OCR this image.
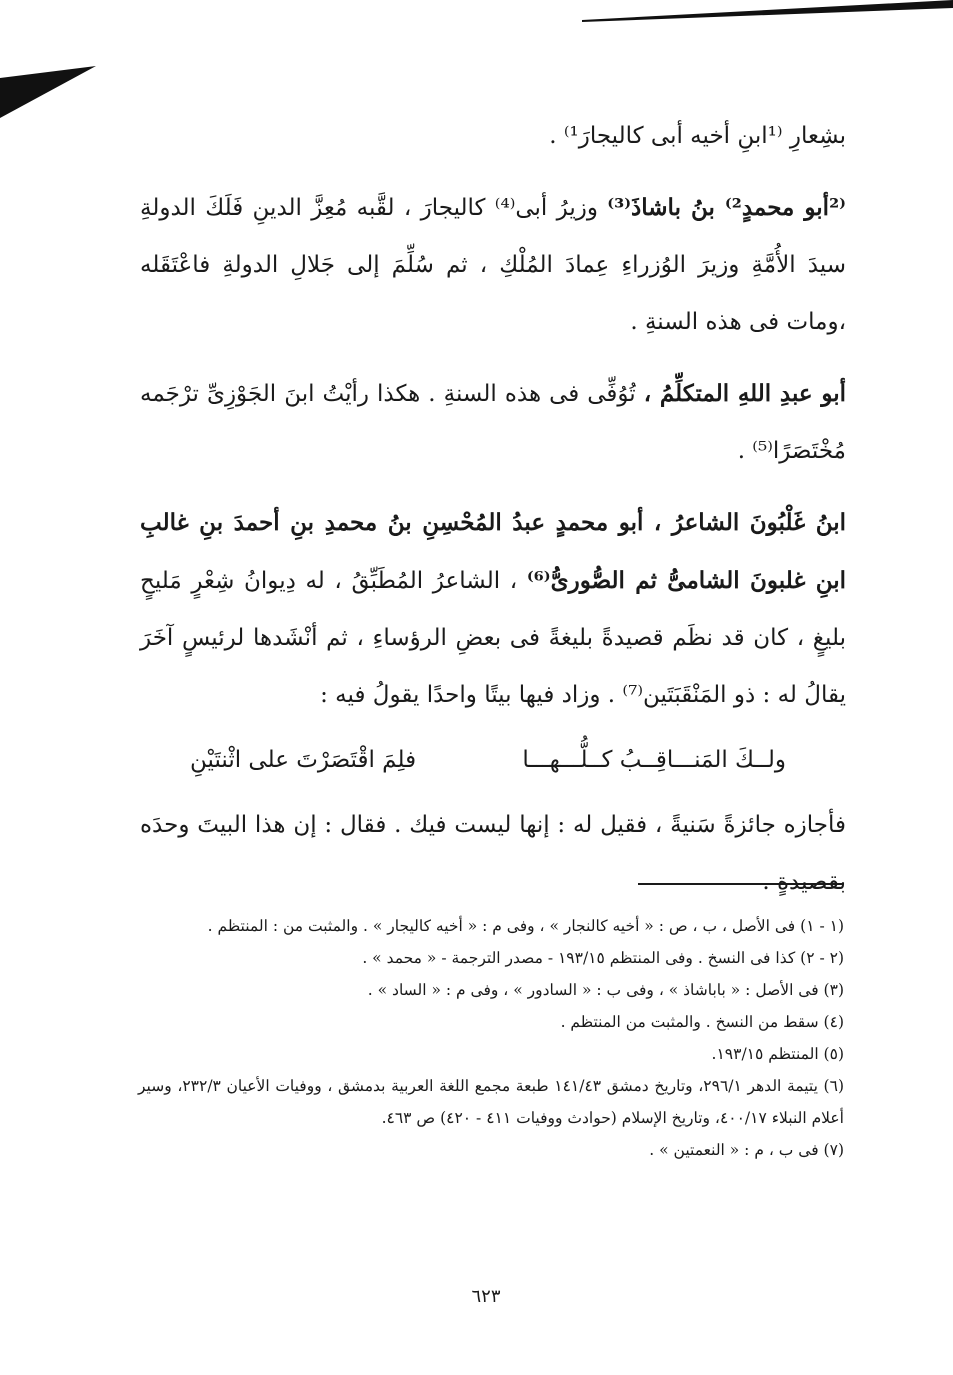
بشِعارِ ⁽¹ابنِ أخيه أبى كاليجارَ¹⁾ .

⁽²أبو محمدٍ²⁾ بنُ باشاذَ⁽³⁾ وزيرُ أبى⁽⁴⁾ كاليجارَ ، لقَّبه مُعِزَّ الدينِ فَلَكَ الدولةِ سيدَ الأُمَّةِ وزيرَ الوُزراءِ عِمادَ المُلْكِ ، ثم سُلِّمَ إلى جَلالِ الدولةِ فاعْتَقَله ،ومات فى هذه السنةِ .

أبو عبدِ اللهِ المتكلِّمُ ، تُوُفِّى فى هذه السنةِ . هكذا رأيْتُ ابنَ الجَوْزِىِّ ترْجَمه مُخْتَصَرًا⁽⁵⁾ .

ابنُ غَلْبُونَ الشاعرُ ، أبو محمدٍ عبدُ المُحْسِنِ بنُ محمدِ بنِ أحمدَ بنِ غالبِ ابنِ غلبونَ الشامىُّ ثم الصُّورىُّ⁽⁶⁾ ، الشاعرُ المُطَبِّقُ ، له دِيوانُ شِعْرٍ مَليحٍ بليغٍ ، كان قد نظَم قصيدةً بليغةً فى بعضِ الرؤساءِ ، ثم أنْشَدها لرئيسٍ آخَرَ يقالُ له : ذو المَنْقَبَتَين⁽⁷⁾ . وزاد فيها بيتًا واحدًا يقولُ فيه :

ولــكَ المَنـــاقِــبُ كــلُّـــهـــا
فلِمَ اقْتَصَرْتَ على اثْنتَيْنِ

فأجازه جائزةً سَنيةً ، فقيل له : إنها ليست فيك . فقال : إن هذا البيتَ وحدَه بقصيدةٍ .

(١ - ١) فى الأصل ، ب ، ص : « أخيه كالنجار » ، وفى م : « أخيه كاليجار » . والمثبت من : المنتظم .

(٢ - ٢) كذا فى النسخ . وفى المنتظم ١٩٣/١٥ - مصدر الترجمة - « محمد » .

(٣) فى الأصل : « باباشاذ » ، وفى ب : « السادور » ، وفى م : « الساد » .

(٤) سقط من النسخ . والمثبت من المنتظم .

(٥) المنتظم ١٩٣/١٥.

(٦) يتيمة الدهر ٢٩٦/١، وتاريخ دمشق ١٤١/٤٣ طبعة مجمع اللغة العربية بدمشق ، ووفيات الأعيان ٢٣٢/٣، وسير أعلام النبلاء ٤٠٠/١٧، وتاريخ الإسلام (حوادث ووفيات ٤١١ - ٤٢٠) ص ٤٦٣.

(٧) فى ب ، م : « النعمتين » .

٦٢٣
